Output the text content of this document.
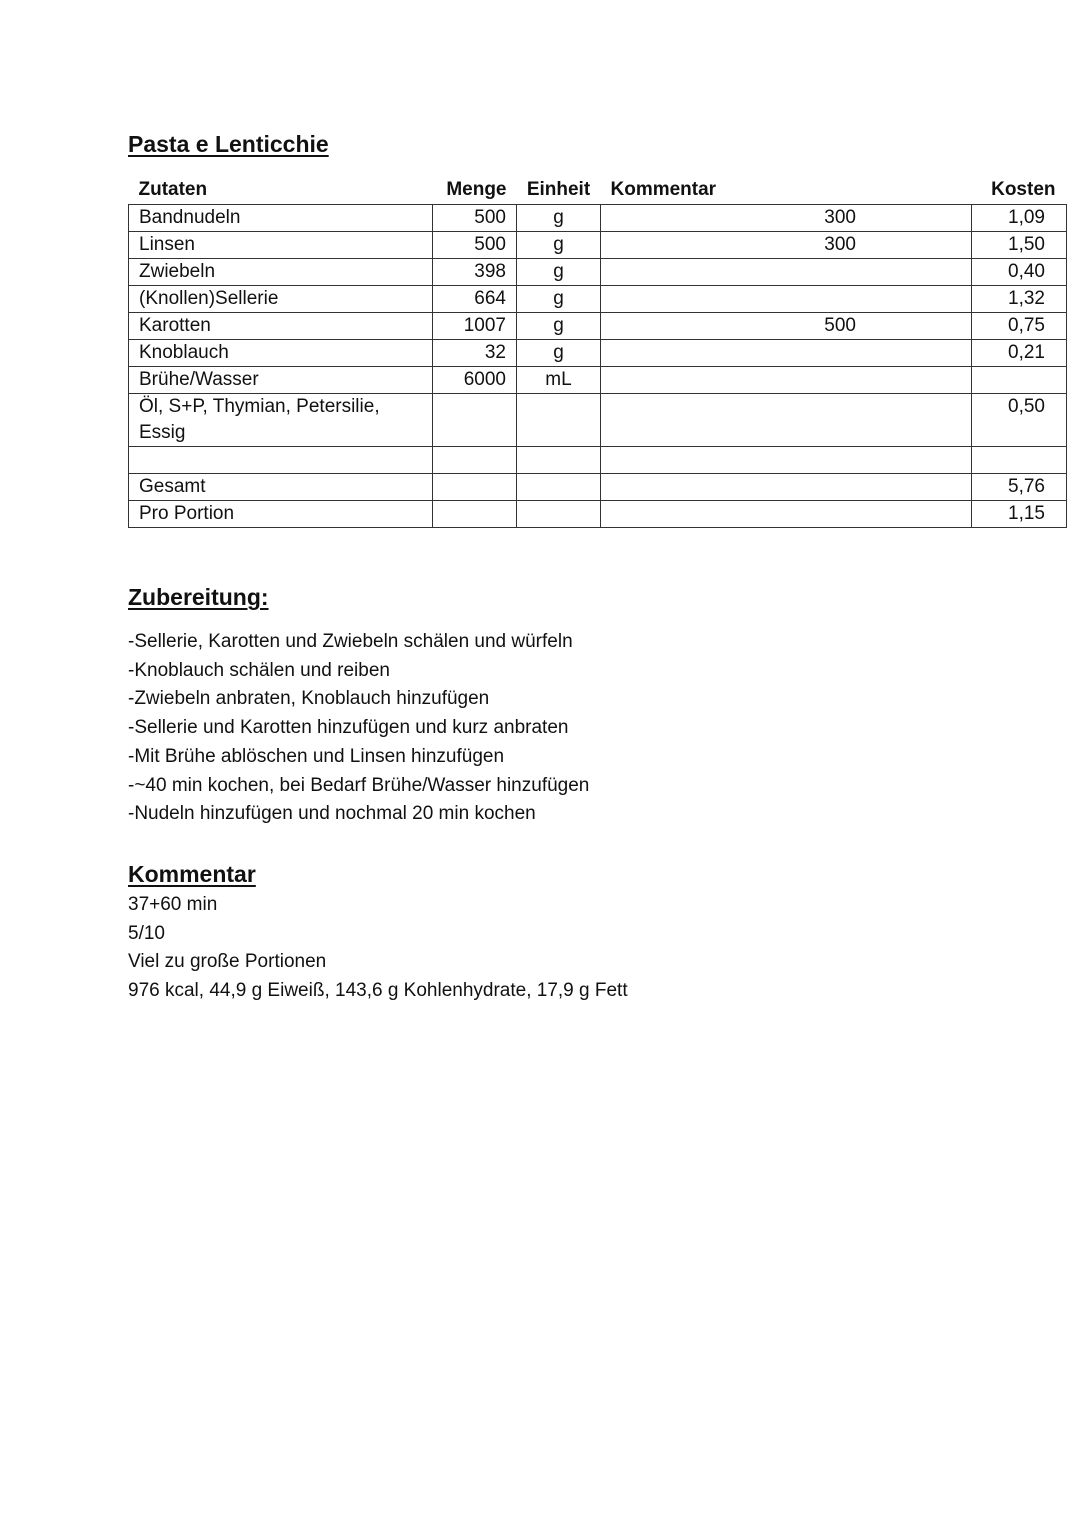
Pasta e Lenticchie
Zutaten	Menge	Einheit	Kommentar	Kosten
Bandnudeln	500	g	300	1,09
Linsen	500	g	300	1,50
Zwiebeln	398	g		0,40
(Knollen)Sellerie	664	g		1,32
Karotten	1007	g	500	0,75
Knoblauch	32	g		0,21
Brühe/Wasser	6000	mL		
Öl, S+P, Thymian, Petersilie, Essig				0,50

Gesamt				5,76
Pro Portion				1,15
Zubereitung:
-Sellerie, Karotten und Zwiebeln schälen und würfeln
-Knoblauch schälen und reiben
-Zwiebeln anbraten, Knoblauch hinzufügen
-Sellerie und Karotten hinzufügen und kurz anbraten
-Mit Brühe ablöschen und Linsen hinzufügen
-~40 min kochen, bei Bedarf Brühe/Wasser hinzufügen
-Nudeln hinzufügen und nochmal 20 min kochen
Kommentar
37+60 min
5/10
Viel zu große Portionen
976 kcal, 44,9 g Eiweiß, 143,6 g Kohlenhydrate, 17,9 g Fett
